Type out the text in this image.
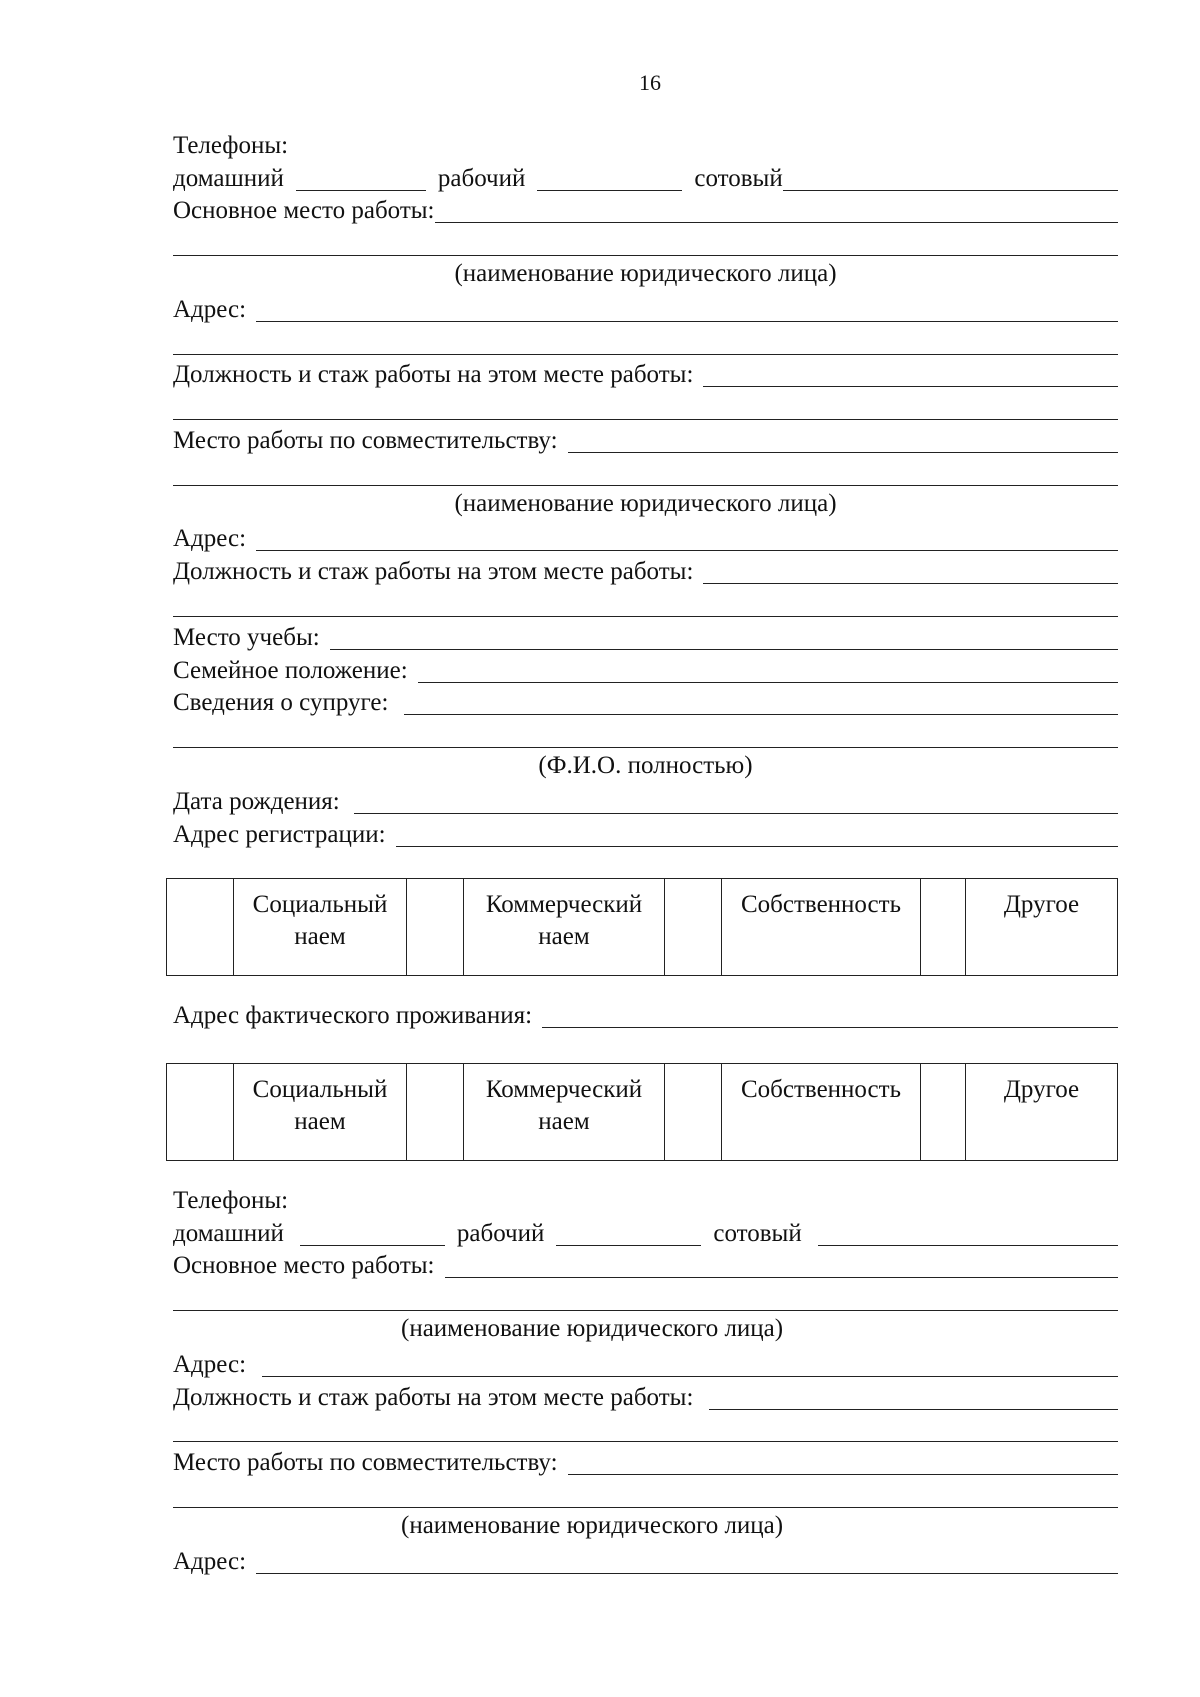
16
Телефоны:
домашний	рабочий	сотовый
Основное место работы:
(наименование юридического лица)
Адрес:
Должность и стаж работы на этом месте работы:
Место работы по совместительству:
(наименование юридического лица)
Адрес:
Должность и стаж работы на этом месте работы:
Место учебы:
Семейное положение:
Сведения о супруге:
(Ф.И.О. полностью)
Дата рождения:
Адрес регистрации:
	Социальный наем		Коммерческий наем		Собственность		Другое
Адрес фактического проживания:
	Социальный наем		Коммерческий наем		Собственность		Другое
Телефоны:
домашний	рабочий	сотовый
Основное место работы:
(наименование юридического лица)
Адрес:
Должность и стаж работы на этом месте работы:
Место работы по совместительству:
(наименование юридического лица)
Адрес:
